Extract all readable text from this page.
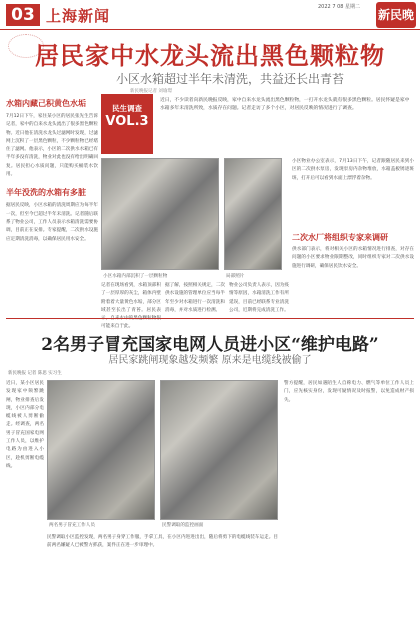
03 上海新闻	2022 7 08 星期二
新民晚报
居民家中水龙头流出黑色颗粒物
小区水箱超过半年未清洗，共益还长出青苔
新民晚报记者 刘瑜璟
水箱内藏己积黄色水垢
7月12日下午，家住某小区的居民张先生告诉记者，家中的自来水龙头流出了很多黑色颗粒物。近日他在清洗水龙头过滤网时发现，过滤网上沉积了一层黑色颗粒，不少颗粒物已经堵住了滤网。他表示，小区的二次供水水箱已有半年多没有清洗，物业对此也没有给出明确回复。居民担心水质问题，只能购买桶装水饮用。
半年没洗的水箱有多脏
据居民反映，小区水箱的清洗周期应为每半年一次，但至今已超过半年未清洗。记者随后联系了物业公司，工作人员表示水箱清洗需要协调，目前正在安排。专家提醒，二次供水设施应定期清洗消毒，以确保居民用水安全。
民生调查
VOL.3
近日，不少读者向新民晚报反映，家中自来水龙头流出黑色颗粒物，一打开水龙头就有很多黑色颗粒。居民怀疑是家中水箱多年未清洗所致，水质存在问题。记者走访了多个小区，对居民反映的情况进行了调查。
小区水箱内部沉积了一层颗粒物	局部照片
记者在现场看到，水箱顶部积了一层厚厚的灰尘，箱体内壁附着着大量黄色水垢，部分区域甚至长出了青苔。居民表 可能来自于此。
据了解，按照相关规定，二次供水设施的管理单位应当每半年至少对水箱进行一次清洗和消毒，并对水质进行检测。
物业公司负责人表示，因为疫情等原因，水箱清洗工作有所延误，目前已经联系专业清洗公司，近期将完成清洗工作。
小区物业办公室表示，7月13日下午，记者跟随居民来到小区的二次供水泵房，发现泵房内杂物堆放，水箱盖板锈迹斑斑，打开后可以看到水面上漂浮着杂物。
二次水厂将组织专家来调研
供水部门表示，将对相关小区的水箱情况进行排查，对存在问题的小区要求物业限期整改，同时组织专家对二次供水设施进行调研，确保居民饮水安全。
2名男子冒充国家电网人员进小区“维护电路”
居民家跳闸现象越发频繁 原来是电缆线被偷了
新民晚报 记者 陈思 实习生
近日，某小区居民发现家中频繁跳闸，物业排查后发现，小区内部分电缆线被人剪断偷走。经调查，两名男子冒充国家电网工作人员，以维护电路为由进入小区，趁机剪断电缆线。
两名男子冒充工作人员	民警调取的监控画面
民警调取小区监控发现，两名男子身穿工作服，手拿工具，在小区内进进出出，随后将剪下的电缆线装车运走。目前两名嫌疑人已被警方抓获，案件正在进一步审理中。
警方提醒，居民如遇陌生人自称电力、燃气等单位工作人员上门，应先核实身份，发现可疑情况及时报警，以免造成财产损失。
